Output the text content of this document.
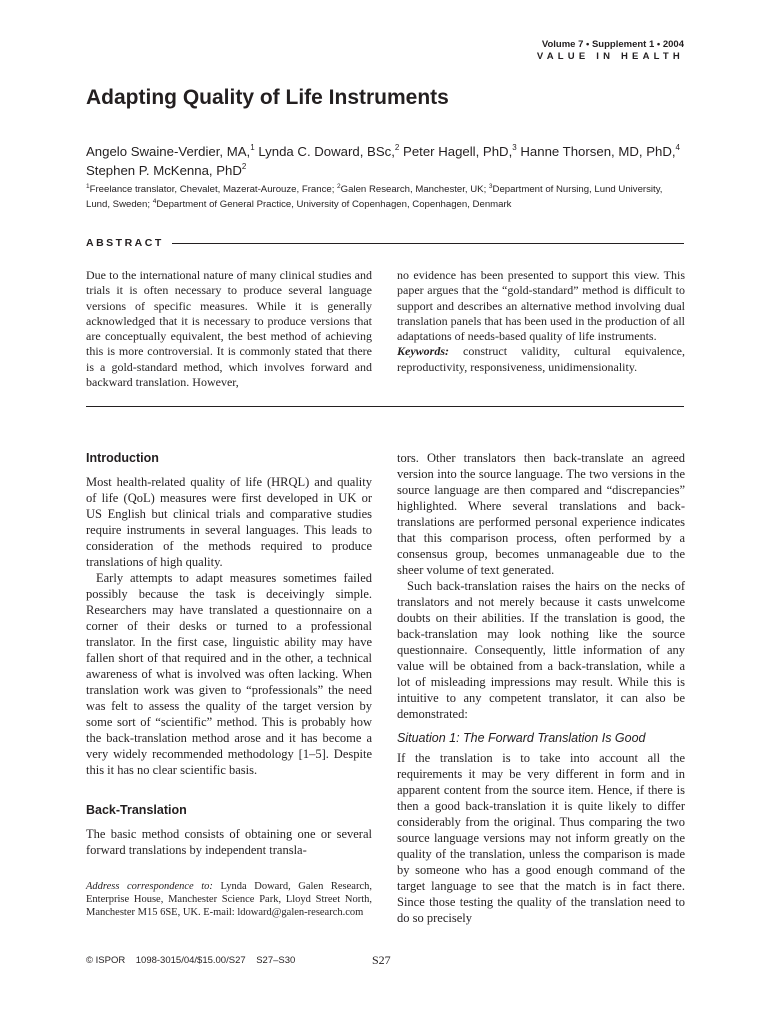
Volume 7 • Supplement 1 • 2004
VALUE IN HEALTH
Adapting Quality of Life Instruments
Angelo Swaine-Verdier, MA,$^1$ Lynda C. Doward, BSc,$^2$ Peter Hagell, PhD,$^3$ Hanne Thorsen, MD, PhD,$^4$ Stephen P. McKenna, PhD$^2$
$^1$Freelance translator, Chevalet, Mazerat-Aurouze, France; $^2$Galen Research, Manchester, UK; $^3$Department of Nursing, Lund University, Lund, Sweden; $^4$Department of General Practice, University of Copenhagen, Copenhagen, Denmark
ABSTRACT

Due to the international nature of many clinical studies and trials it is often necessary to produce several language versions of specific measures. While it is generally acknowledged that it is necessary to produce versions that are conceptually equivalent, the best method of achieving this is more controversial. It is commonly stated that there is a gold-standard method, which involves forward and backward translation. However,

no evidence has been presented to support this view. This paper argues that the “gold-standard” method is difficult to support and describes an alternative method involving dual translation panels that has been used in the production of all adaptations of needs-based quality of life instruments.
Keywords: construct validity, cultural equivalence, reproductivity, responsiveness, unidimensionality.
Introduction

Most health-related quality of life (HRQL) and quality of life (QoL) measures were first developed in UK or US English but clinical trials and comparative studies require instruments in several languages. This leads to consideration of the methods required to produce translations of high quality.

Early attempts to adapt measures sometimes failed possibly because the task is deceivingly simple. Researchers may have translated a questionnaire on a corner of their desks or turned to a professional translator. In the first case, linguistic ability may have fallen short of that required and in the other, a technical awareness of what is involved was often lacking. When translation work was given to “professionals” the need was felt to assess the quality of the target version by some sort of “scientific” method. This is probably how the back-translation method arose and it has become a very widely recommended methodology [1–5]. Despite this it has no clear scientific basis.

Back-Translation

The basic method consists of obtaining one or several forward translations by independent transla-

tors. Other translators then back-translate an agreed version into the source language. The two versions in the source language are then compared and “discrepancies” highlighted. Where several translations and back-translations are performed personal experience indicates that this comparison process, often performed by a consensus group, becomes unmanageable due to the sheer volume of text generated.

Such back-translation raises the hairs on the necks of translators and not merely because it casts unwelcome doubts on their abilities. If the translation is good, the back-translation may look nothing like the source questionnaire. Consequently, little information of any value will be obtained from a back-translation, while a lot of misleading impressions may result. While this is intuitive to any competent translator, it can also be demonstrated:

Situation 1: The Forward Translation Is Good

If the translation is to take into account all the requirements it may be very different in form and in apparent content from the source item. Hence, if there is then a good back-translation it is quite likely to differ considerably from the original. Thus comparing the two source language versions may not inform greatly on the quality of the translation, unless the comparison is made by someone who has a good enough command of the target language to see that the match is in fact there. Since those testing the quality of the translation need to do so precisely

Address correspondence to: Lynda Doward, Galen Research, Enterprise House, Manchester Science Park, Lloyd Street North, Manchester M15 6SE, UK. E-mail: ldoward@galen-research.com
© ISPOR    1098-3015/04/$15.00/S27    S27–S30	S27
